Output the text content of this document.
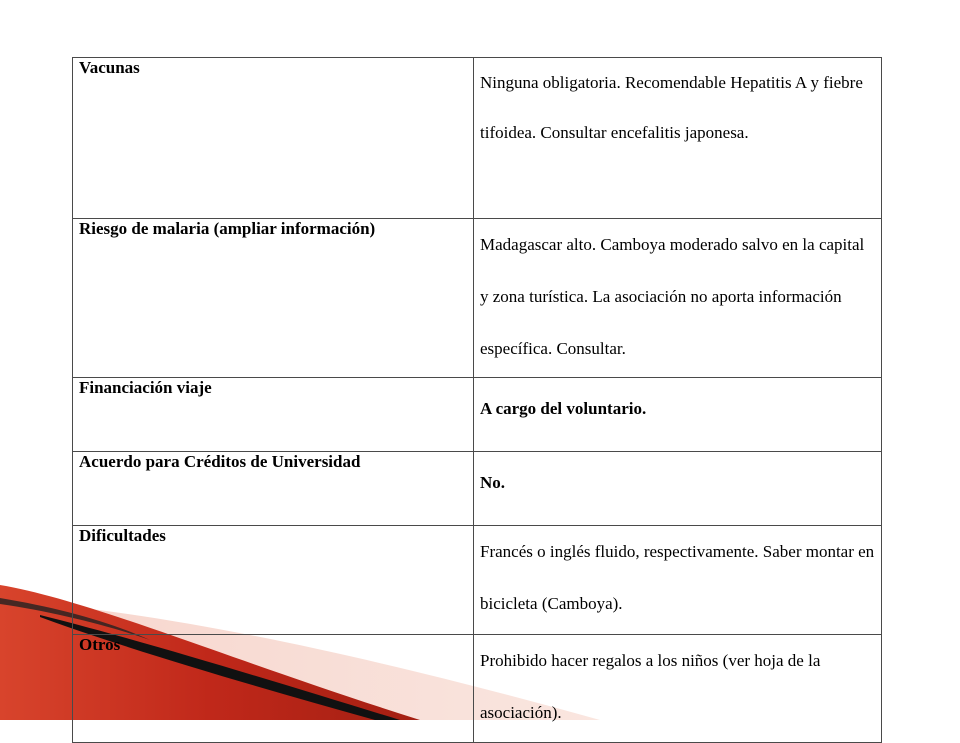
Vacunas	Ninguna obligatoria. Recomendable Hepatitis A y fiebre tifoidea. Consultar encefalitis japonesa.
Riesgo de malaria (ampliar información)	Madagascar alto. Camboya moderado salvo en la capital y zona turística. La asociación no aporta información específica. Consultar.
Financiación viaje	A cargo del voluntario.
Acuerdo para Créditos de Universidad	No.
Dificultades	Francés o inglés fluido, respectivamente. Saber montar en bicicleta (Camboya).
Otros	Prohibido hacer regalos a los niños (ver hoja de la asociación).
